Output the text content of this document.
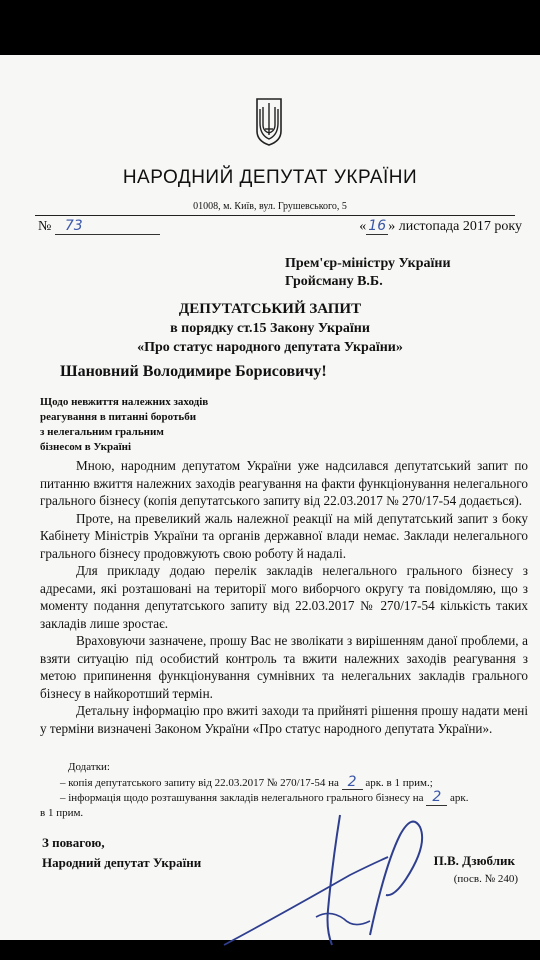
НАРОДНИЙ ДЕПУТАТ УКРАЇНИ
01008, м. Київ, вул. Грушевського, 5
№ 73	« 16 » листопада 2017 року
Прем'єр-міністру України
Гройсману В.Б.
ДЕПУТАТСЬКИЙ ЗАПИТ
в порядку ст.15 Закону України
«Про статус народного депутата України»
Шановний Володимире Борисовичу!
Щодо невжиття належних заходів
реагування в питанні боротьби
з нелегальним гральним
бізнесом в Україні

Мною, народним депутатом України уже надсилався депутатський запит по питанню вжиття належних заходів реагування на факти функціонування нелегального грального бізнесу (копія депутатського запиту від 22.03.2017 № 270/17-54 додається).

Проте, на превеликий жаль належної реакції на мій депутатський запит з боку Кабінету Міністрів України та органів державної влади немає. Заклади нелегального грального бізнесу продовжують свою роботу й надалі.

Для прикладу додаю перелік закладів нелегального грального бізнесу з адресами, які розташовані на території мого виборчого округу та повідомляю, що з моменту подання депутатського запиту від 22.03.2017 № 270/17-54 кількість таких закладів лише зростає.

Враховуючи зазначене, прошу Вас не зволікати з вирішенням даної проблеми, а взяти ситуацію під особистий контроль та вжити належних заходів реагування з метою припинення функціонування сумнівних та нелегальних закладів грального бізнесу в найкоротший термін.

Детальну інформацію про вжиті заходи та прийняті рішення прошу надати мені у терміни визначені Законом України «Про статус народного депутата України».

Додатки:
– копія депутатського запиту від 22.03.2017 № 270/17-54 на 2 арк. в 1 прим.;
– інформація щодо розташування закладів нелегального грального бізнесу на 2 арк.
в 1 прим.
З повагою,
Народний депутат України	П.В. Дзюблик
(посв. № 240)
